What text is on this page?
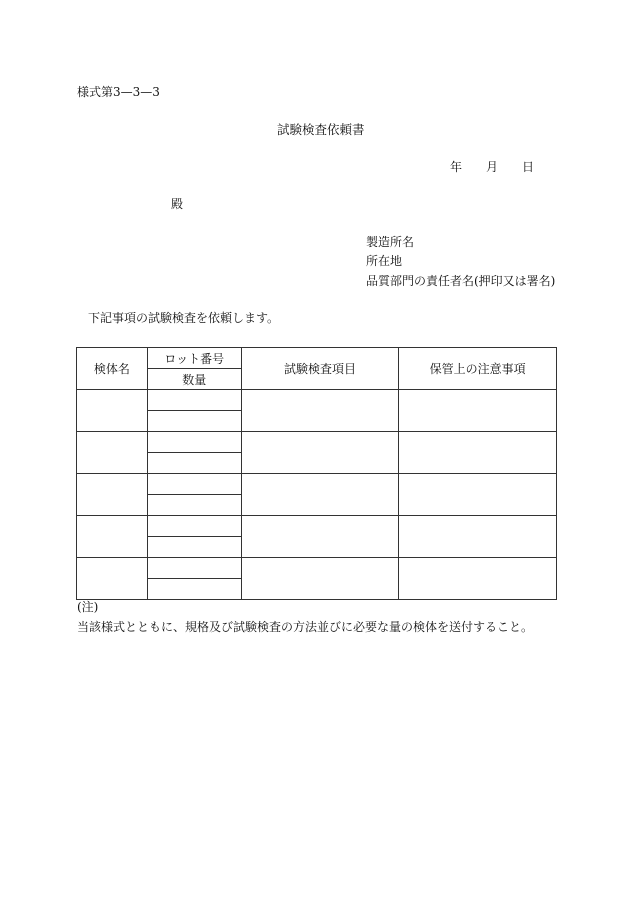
様式第3—3—3
試験検査依頼書
年 月 日
殿
製造所名
所在地
品質部門の責任者名(押印又は署名)
下記事項の試験検査を依頼します。
検体名	ロット番号	試験検査項目	保管上の注意事項
	数量		

(注)
当該様式とともに、規格及び試験検査の方法並びに必要な量の検体を送付すること。
